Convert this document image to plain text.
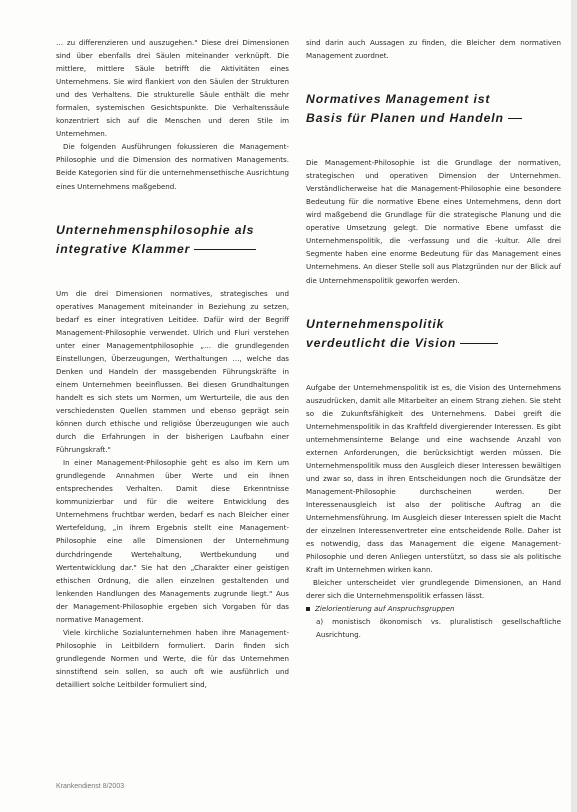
… zu differenzieren und auszugehen." Diese drei Dimensionen sind über ebenfalls drei Säulen miteinander verknüpft. Die mittlere, mittlere Säule betrifft die Aktivitäten eines Unternehmens. Sie wird flankiert von den Säulen der Strukturen und des Verhaltens. Die strukturelle Säule enthält die mehr formalen, systemischen Gesichtspunkte. Die Verhaltenssäule konzentriert sich auf die Menschen und deren Stile im Unternehmen.

Die folgenden Ausführungen fokussieren die Management-Philosophie und die Dimension des normativen Managements. Beide Kategorien sind für die unternehmensethische Ausrichtung eines Unternehmens maßgebend.

Unternehmensphilosophie als
integrative Klammer

Um die drei Dimensionen normatives, strategisches und operatives Management miteinander in Beziehung zu setzen, bedarf es einer integrativen Leitidee. Dafür wird der Begriff Management-Philosophie verwendet. Ulrich und Fluri verstehen unter einer Managementphilosophie „… die grundlegenden Einstellungen, Überzeugungen, Werthaltungen …, welche das Denken und Handeln der massgebenden Führungskräfte in einem Unternehmen beeinflussen. Bei diesen Grundhaltungen handelt es sich stets um Normen, um Werturteile, die aus den verschiedensten Quellen stammen und ebenso geprägt sein können durch ethische und religiöse Überzeugungen wie auch durch die Erfahrungen in der bisherigen Laufbahn einer Führungskraft."

In einer Management-Philosophie geht es also im Kern um grundlegende Annahmen über Werte und ein ihnen entsprechendes Verhalten. Damit diese Erkenntnisse kommunizierbar und für die weitere Entwicklung des Unternehmens fruchtbar werden, bedarf es nach Bleicher einer Wertefeldung, „in ihrem Ergebnis stellt eine Management-Philosophie eine alle Dimensionen der Unternehmung durchdringende Wertehaltung, Wertbekundung und Wertentwicklung dar." Sie hat den „Charakter einer geistigen ethischen Ordnung, die allen einzelnen gestaltenden und lenkenden Handlungen des Managements zugrunde liegt." Aus der Management-Philosophie ergeben sich Vorgaben für das normative Management.

Viele kirchliche Sozialunternehmen haben ihre Management-Philosophie in Leitbildern formuliert. Darin finden sich grundlegende Normen und Werte, die für das Unternehmen sinnstiftend sein sollen, so auch oft wie ausführlich und detailliert solche Leitbilder formuliert sind,

sind darin auch Aussagen zu finden, die Bleicher dem normativen Management zuordnet.

Normatives Management ist
Basis für Planen und Handeln

Die Management-Philosophie ist die Grundlage der normativen, strategischen und operativen Dimension der Unternehmen. Verständlicherweise hat die Management-Philosophie eine besondere Bedeutung für die normative Ebene eines Unternehmens, denn dort wird maßgebend die Grundlage für die strategische Planung und die operative Umsetzung gelegt. Die normative Ebene umfasst die Unternehmenspolitik, die -verfassung und die -kultur. Alle drei Segmente haben eine enorme Bedeutung für das Management eines Unternehmens. An dieser Stelle soll aus Platzgründen nur der Blick auf die Unternehmenspolitik geworfen werden.

Unternehmenspolitik
verdeutlicht die Vision

Aufgabe der Unternehmenspolitik ist es, die Vision des Unternehmens auszudrücken, damit alle Mitarbeiter an einem Strang ziehen. Sie steht so die Zukunftsfähigkeit des Unternehmens. Dabei greift die Unternehmenspolitik in das Kraftfeld divergierender Interessen. Es gibt unternehmensinterne Belange und eine wachsende Anzahl von externen Anforderungen, die berücksichtigt werden müssen. Die Unternehmenspolitik muss den Ausgleich dieser Interessen bewältigen und zwar so, dass in ihren Entscheidungen noch die Grundsätze der Management-Philosophie durchscheinen werden. Der Interessenausgleich ist also der politische Auftrag an die Unternehmensführung. Im Ausgleich dieser Interessen spielt die Macht der einzelnen Interessenvertreter eine entscheidende Rolle. Daher ist es notwendig, dass das Management die eigene Management-Philosophie und deren Anliegen unterstützt, so dass sie als politische Kraft im Unternehmen wirken kann.

Bleicher unterscheidet vier grundlegende Dimensionen, an Hand derer sich die Unternehmenspolitik erfassen lässt.

Zielorientierung auf Anspruchsgruppen

a) monistisch ökonomisch vs. pluralistisch gesellschaftliche Ausrichtung.

Krankendienst 8/2003
